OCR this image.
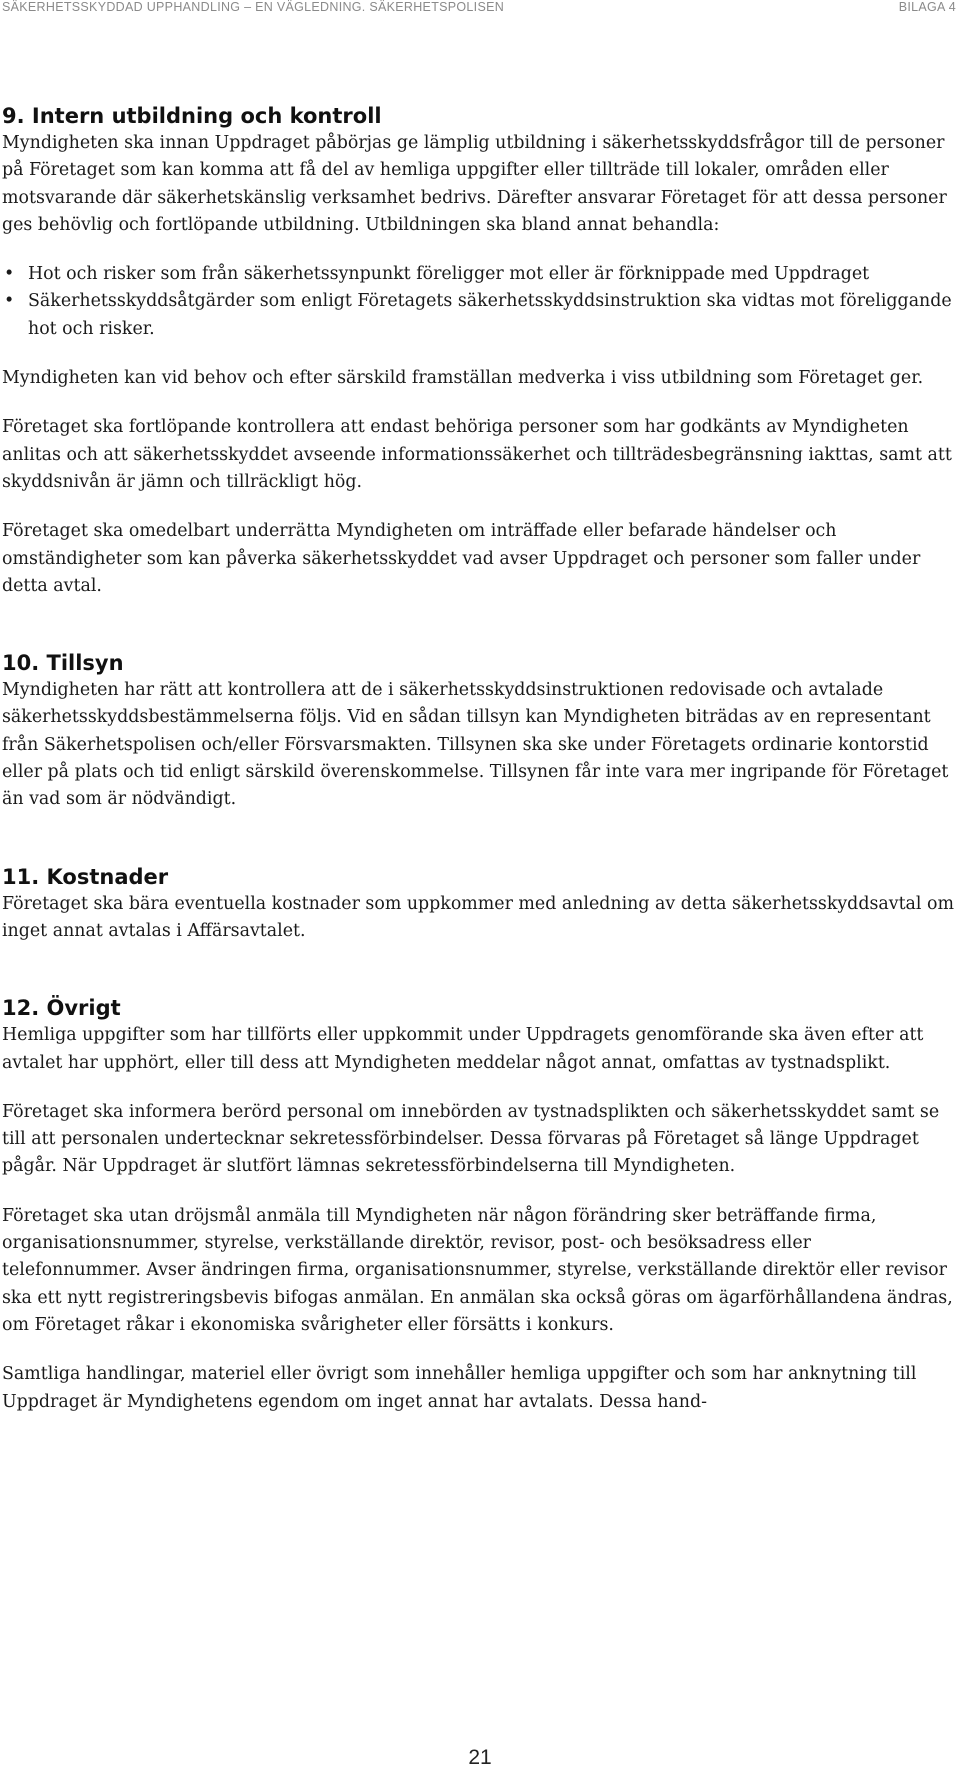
SÄKERHETSSKYDDAD UPPHANDLING – EN VÄGLEDNING. SÄKERHETSPOLISEN	BILAGA 4
9. Intern utbildning och kontroll

Myndigheten ska innan Uppdraget påbörjas ge lämplig utbildning i säkerhetsskyddsfrågor till de personer på Företaget som kan komma att få del av hemliga uppgifter eller tillträde till lokaler, områden eller motsvarande där säkerhetskänslig verksamhet bedrivs. Därefter ansvarar Företaget för att dessa personer ges behövlig och fortlöpande utbildning. Utbildningen ska bland annat behandla:

• Hot och risker som från säkerhetssynpunkt föreligger mot eller är förknippade med Uppdraget
• Säkerhetsskyddsåtgärder som enligt Företagets säkerhetsskyddsinstruktion ska vidtas mot föreliggande hot och risker.

Myndigheten kan vid behov och efter särskild framställan medverka i viss utbildning som Företaget ger.

Företaget ska fortlöpande kontrollera att endast behöriga personer som har godkänts av Myndigheten anlitas och att säkerhetsskyddet avseende informationssäkerhet och tillträdesbegränsning iakttas, samt att skyddsnivån är jämn och tillräckligt hög.

Företaget ska omedelbart underrätta Myndigheten om inträffade eller befarade händelser och omständigheter som kan påverka säkerhetsskyddet vad avser Uppdraget och personer som faller under detta avtal.

10. Tillsyn

Myndigheten har rätt att kontrollera att de i säkerhetsskyddsinstruktionen redovisade och avtalade säkerhetsskyddsbestämmelserna följs. Vid en sådan tillsyn kan Myndigheten biträdas av en representant från Säkerhetspolisen och/eller Försvarsmakten. Tillsynen ska ske under Företagets ordinarie kontorstid eller på plats och tid enligt särskild överenskommelse. Tillsynen får inte vara mer ingripande för Företaget än vad som är nödvändigt.

11. Kostnader

Företaget ska bära eventuella kostnader som uppkommer med anledning av detta säkerhetsskyddsavtal om inget annat avtalas i Affärsavtalet.

12. Övrigt

Hemliga uppgifter som har tillförts eller uppkommit under Uppdragets genomförande ska även efter att avtalet har upphört, eller till dess att Myndigheten meddelar något annat, omfattas av tystnadsplikt.

Företaget ska informera berörd personal om innebörden av tystnadsplikten och säkerhetsskyddet samt se till att personalen undertecknar sekretessförbindelser. Dessa förvaras på Företaget så länge Uppdraget pågår. När Uppdraget är slutfört lämnas sekretessförbindelserna till Myndigheten.

Företaget ska utan dröjsmål anmäla till Myndigheten när någon förändring sker beträffande firma, organisationsnummer, styrelse, verkställande direktör, revisor, post- och besöksadress eller telefonnummer. Avser ändringen firma, organisationsnummer, styrelse, verkställande direktör eller revisor ska ett nytt registreringsbevis bifogas anmälan. En anmälan ska också göras om ägarförhållandena ändras, om Företaget råkar i ekonomiska svårigheter eller försätts i konkurs.

Samtliga handlingar, materiel eller övrigt som innehåller hemliga uppgifter och som har anknytning till Uppdraget är Myndighetens egendom om inget annat har avtalats. Dessa hand-

21
